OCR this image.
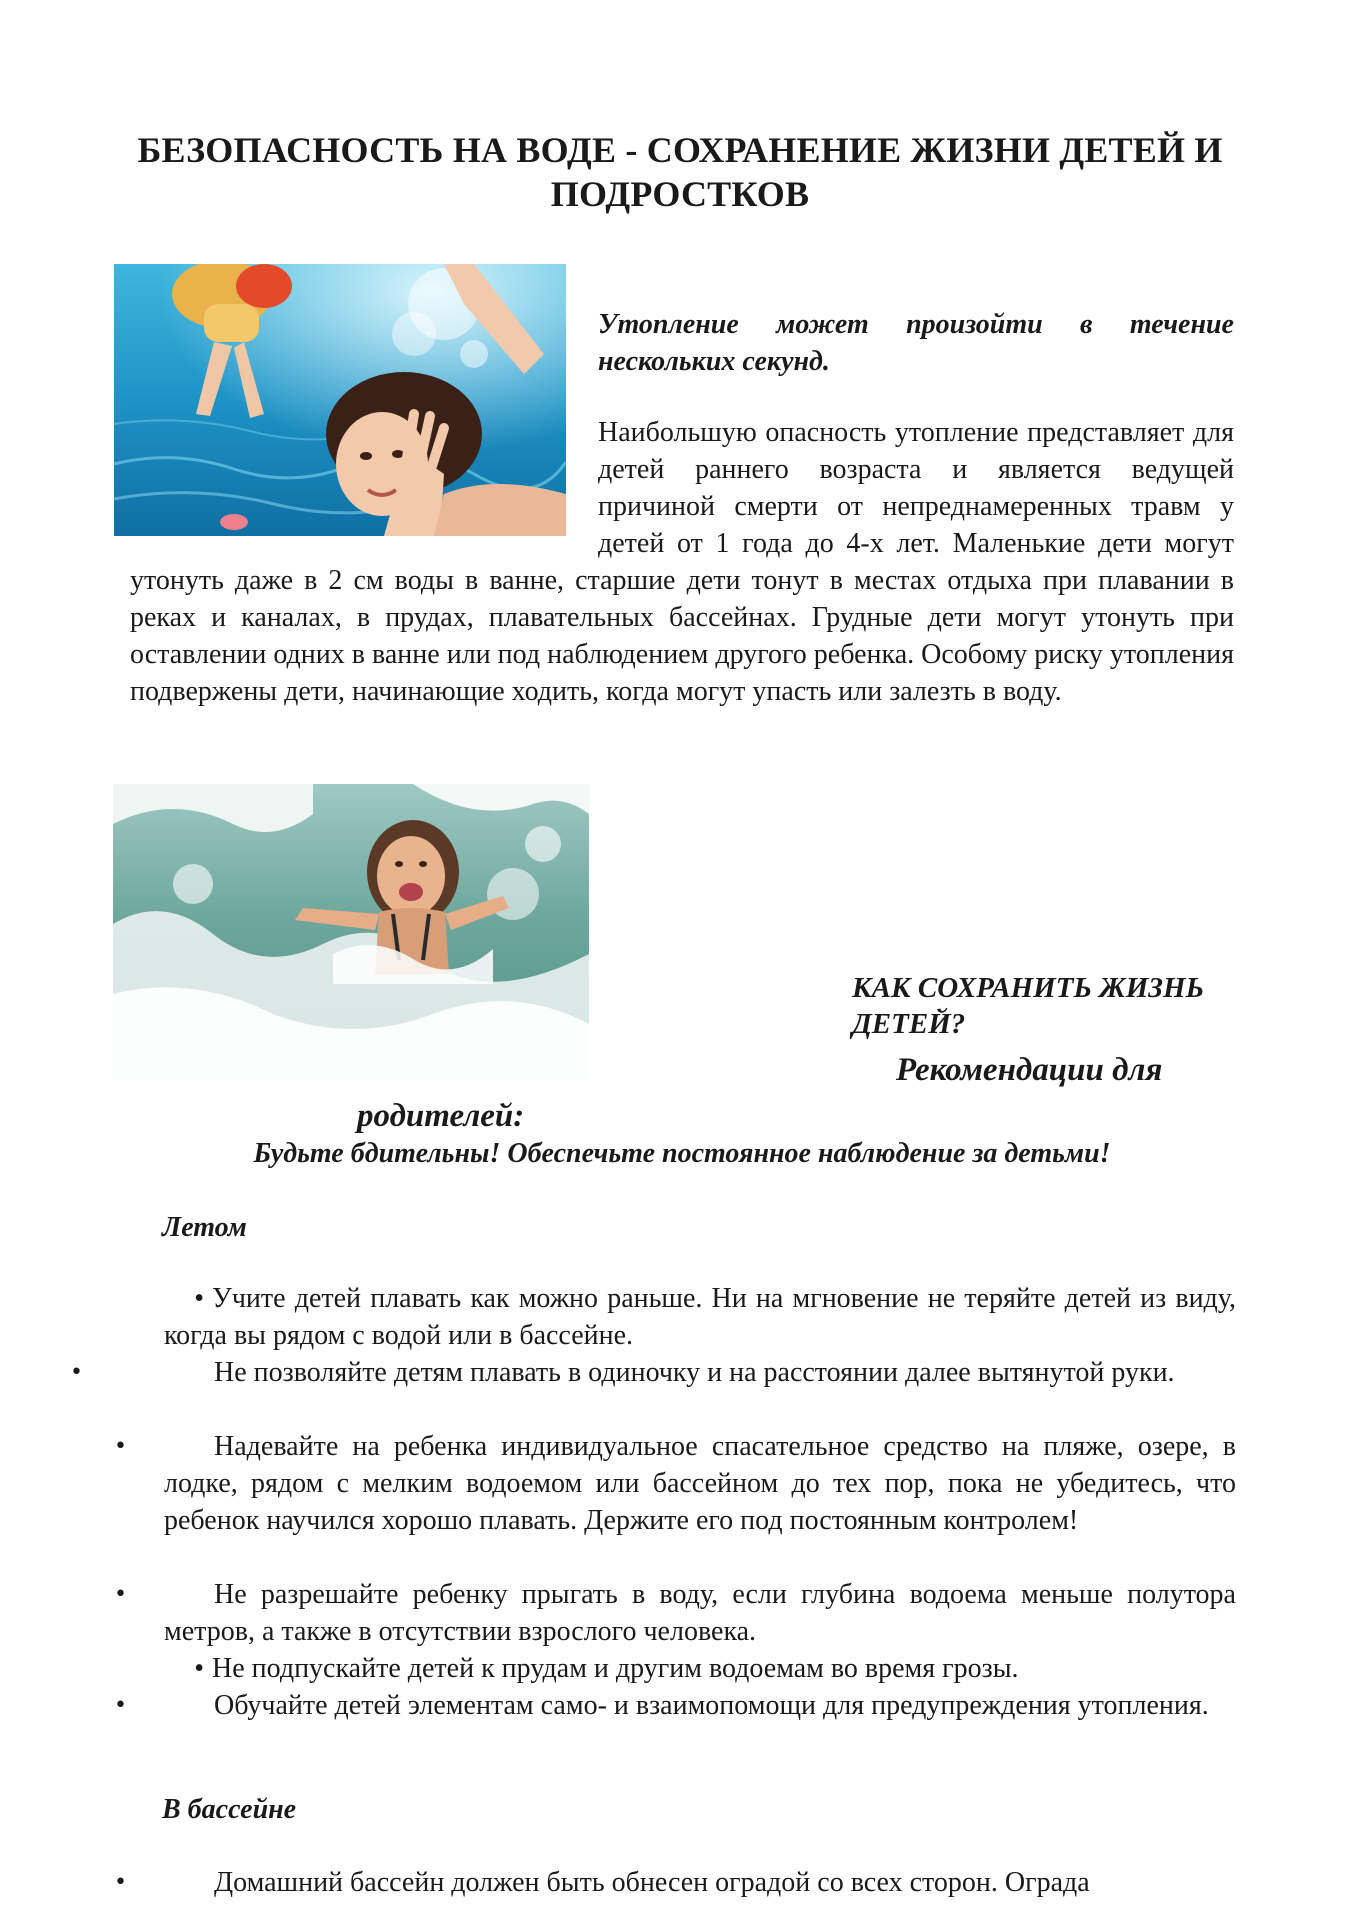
БЕЗОПАСНОСТЬ НА ВОДЕ - СОХРАНЕНИЕ ЖИЗНИ ДЕТЕЙ И ПОДРОСТКОВ

Утопление может произойти в течение нескольких секунд.

Наибольшую опасность утопление представляет для детей раннего возраста и является ведущей причиной смерти от непреднамеренных травм у детей от 1 года до 4-х лет. Маленькие дети могут утонуть даже в 2 см воды в ванне, старшие дети тонут в местах отдыха при плавании в реках и каналах, в прудах, плавательных бассейнах. Грудные дети могут утонуть при оставлении одних в ванне или под наблюдением другого ребенка. Особому риску утопления подвержены дети, начинающие ходить, когда могут упасть или залезть в воду.

КАК СОХРАНИТЬ ЖИЗНЬ ДЕТЕЙ?

Рекомендации для

родителей:

Будьте бдительны! Обеспечьте постоянное наблюдение за детьми!

Летом

• Учите детей плавать как можно раньше. Ни на мгновение не теряйте детей из виду, когда вы рядом с водой или в бассейне.

•	Не позволяйте детям плавать в одиночку и на расстоянии далее вытянутой руки.

•	Надевайте на ребенка индивидуальное спасательное средство на пляже, озере, в лодке, рядом с мелким водоемом или бассейном до тех пор, пока не убедитесь, что ребенок научился хорошо плавать. Держите его под постоянным контролем!

•	Не разрешайте ребенку прыгать в воду, если глубина водоема меньше полутора метров, а также в отсутствии взрослого человека.

• Не подпускайте детей к прудам и другим водоемам во время грозы.

•	Обучайте детей элементам само- и взаимопомощи для предупреждения утопления.

В бассейне

•	Домашний бассейн должен быть обнесен оградой со всех сторон. Ограда
